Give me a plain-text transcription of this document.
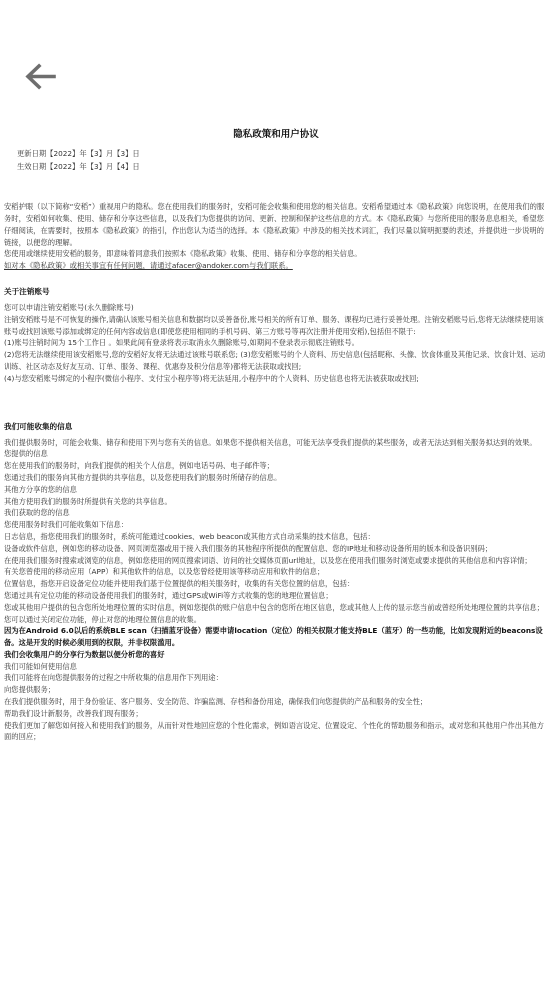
隐私政策和用户协议

更新日期【2022】年【3】月【3】日

生效日期【2022】年【3】月【4】日

安稻护眼（以下简称“安稻”）重视用户的隐私。您在使用我们的服务时，安稻可能会收集和使用您的相关信息。安稻希望通过本《隐私政策》向您说明，在使用我们的服务时，安稻如何收集、使用、储存和分享这些信息，以及我们为您提供的访问、更新、控制和保护这些信息的方式。本《隐私政策》与您所使用的服务息息相关，希望您仔细阅读，在需要时，按照本《隐私政策》的指引，作出您认为适当的选择。本《隐私政策》中涉及的相关技术词汇，我们尽量以简明扼要的表述，并提供进一步说明的链接，以便您的理解。

您使用或继续使用安稻的服务，即意味着同意我们按照本《隐私政策》收集、使用、储存和分享您的相关信息。

如对本《隐私政策》或相关事宜有任何问题，请通过afacer@andoker.com与我们联系。

关于注销账号

您可以申请注销安稻账号(永久删除账号)

注销安稻账号是不可恢复的操作,请确认该账号相关信息和数据均以妥善备份,账号相关的所有订单、服务、课程均已进行妥善处理。注销安稻账号后,您将无法继续使用该账号或找回该账号添加或绑定的任何内容或信息(即使您使用相同的手机号码、第三方账号等再次注册并使用安稻),包括但不限于:

(1)账号注销时间为 15个工作日 。如果此间有登录将表示取消永久删除账号,如期间不登录表示彻底注销账号。

(2)您将无法继续使用该安稻账号,您的安稻好友将无法通过该账号联系您; (3)您安稻账号的个人资料、历史信息(包括昵称、头像、饮食体重及其他记录、饮食计划、运动训练、社区动态及好友互动、订单、服务、课程、优惠券及积分信息等)都将无法获取或找回;

(4)与您安稻账号绑定的小程序(微信小程序、支付宝小程序等)将无法延用,小程序中的个人资料、历史信息也将无法被获取或找回;

我们可能收集的信息

我们提供服务时，可能会收集、储存和使用下列与您有关的信息。如果您不提供相关信息，可能无法享受我们提供的某些服务，或者无法达到相关服务拟达到的效果。

您提供的信息

您在使用我们的服务时，向我们提供的相关个人信息，例如电话号码、电子邮件等；

您通过我们的服务向其他方提供的共享信息，以及您使用我们的服务时所储存的信息。

其他方分享的您的信息

其他方使用我们的服务时所提供有关您的共享信息。

我们获取的您的信息

您使用服务时我们可能收集如下信息：

日志信息，指您使用我们的服务时，系统可能通过cookies、web beacon或其他方式自动采集的技术信息，包括：

设备或软件信息，例如您的移动设备、网页浏览器或用于接入我们服务的其他程序所提供的配置信息、您的IP地址和移动设备所用的版本和设备识别码；

在使用我们服务时搜索或浏览的信息，例如您使用的网页搜索词语、访问的社交媒体页面url地址，以及您在使用我们服务时浏览或要求提供的其他信息和内容详情；

有关您曾使用的移动应用（APP）和其他软件的信息，以及您曾经使用该等移动应用和软件的信息；

位置信息，指您开启设备定位功能并使用我们基于位置提供的相关服务时，收集的有关您位置的信息，包括：

您通过具有定位功能的移动设备使用我们的服务时，通过GPS或WiFi等方式收集的您的地理位置信息；

您或其他用户提供的包含您所处地理位置的实时信息，例如您提供的账户信息中包含的您所在地区信息，您或其他人上传的显示您当前或曾经所处地理位置的共享信息；

您可以通过关闭定位功能，停止对您的地理位置信息的收集。

因为在Android 6.0以后的系统BLE scan（扫描蓝牙设备）需要申请location（定位）的相关权限才能支持BLE（蓝牙）的一些功能，比如发现附近的beacons设备。这是开发的时候必须用到的权限，并非权限滥用。

我们会收集用户的分享行为数据以便分析您的喜好

我们可能如何使用信息

我们可能将在向您提供服务的过程之中所收集的信息用作下列用途：

向您提供服务；

在我们提供服务时，用于身份验证、客户服务、安全防范、诈骗监测、存档和备份用途，确保我们向您提供的产品和服务的安全性；

帮助我们设计新服务，改善我们现有服务；

使我们更加了解您如何接入和使用我们的服务，从而针对性地回应您的个性化需求，例如语言设定、位置设定、个性化的帮助服务和指示，或对您和其他用户作出其他方面的回应；
